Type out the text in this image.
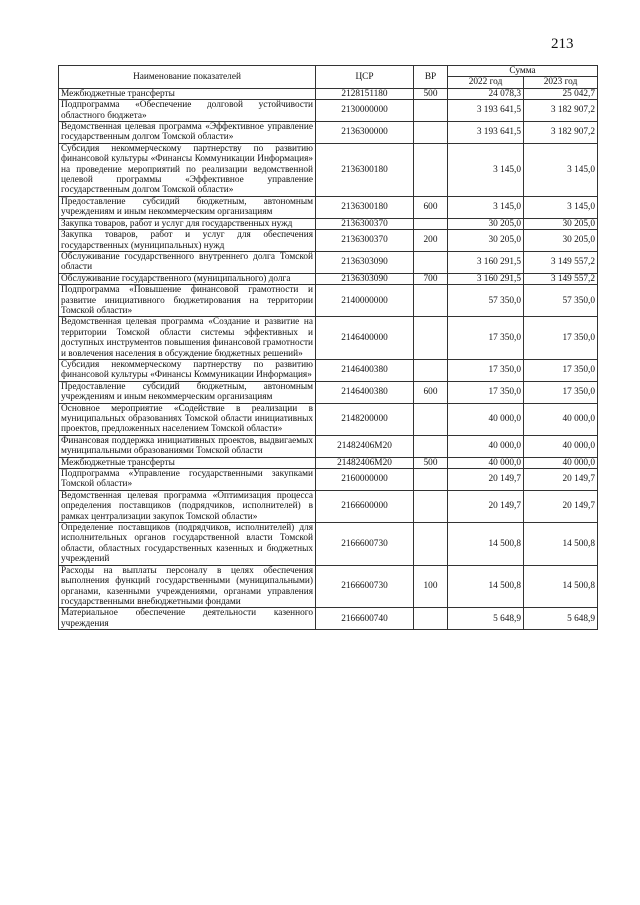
213
Наименование показателей	ЦСР	ВР	Сумма	
			2022 год	2023 год
Межбюджетные трансферты	2128151180	500	24 078,3	25 042,7
Подпрограмма «Обеспечение долговой устойчивости областного бюджета»	2130000000		3 193 641,5	3 182 907,2
Ведомственная целевая программа «Эффективное управление государственным долгом Томской области»	2136300000		3 193 641,5	3 182 907,2
Субсидия некоммерческому партнерству по развитию финансовой культуры «Финансы Коммуникации Информация» на проведение мероприятий по реализации ведомственной целевой программы «Эффективное управление государственным долгом Томской области»	2136300180		3 145,0	3 145,0
Предоставление субсидий бюджетным, автономным учреждениям и иным некоммерческим организациям	2136300180	600	3 145,0	3 145,0
Закупка товаров, работ и услуг для государственных нужд	2136300370		30 205,0	30 205,0
Закупка товаров, работ и услуг для обеспечения государственных (муниципальных) нужд	2136300370	200	30 205,0	30 205,0
Обслуживание государственного внутреннего долга Томской области	2136303090		3 160 291,5	3 149 557,2
Обслуживание государственного (муниципального) долга	2136303090	700	3 160 291,5	3 149 557,2
Подпрограмма «Повышение финансовой грамотности и развитие инициативного бюджетирования на территории Томской области»	2140000000		57 350,0	57 350,0
Ведомственная целевая программа «Создание и развитие на территории Томской области системы эффективных и доступных инструментов повышения финансовой грамотности и вовлечения населения в обсуждение бюджетных решений»	2146400000		17 350,0	17 350,0
Субсидия некоммерческому партнерству по развитию финансовой культуры «Финансы Коммуникации Информация»	2146400380		17 350,0	17 350,0
Предоставление субсидий бюджетным, автономным учреждениям и иным некоммерческим организациям	2146400380	600	17 350,0	17 350,0
Основное мероприятие «Содействие в реализации в муниципальных образованиях Томской области инициативных проектов, предложенных населением Томской области»	2148200000		40 000,0	40 000,0
Финансовая поддержка инициативных проектов, выдвигаемых муниципальными образованиями Томской области	21482406М20		40 000,0	40 000,0
Межбюджетные трансферты	21482406М20	500	40 000,0	40 000,0
Подпрограмма «Управление государственными закупками Томской области»	2160000000		20 149,7	20 149,7
Ведомственная целевая программа «Оптимизация процесса определения поставщиков (подрядчиков, исполнителей) в рамках централизации закупок Томской области»	2166600000		20 149,7	20 149,7
Определение поставщиков (подрядчиков, исполнителей) для исполнительных органов государственной власти Томской области, областных государственных казенных и бюджетных учреждений	2166600730		14 500,8	14 500,8
Расходы на выплаты персоналу в целях обеспечения выполнения функций государственными (муниципальными) органами, казенными учреждениями, органами управления государственными внебюджетными фондами	2166600730	100	14 500,8	14 500,8
Материальное обеспечение деятельности казенного учреждения	2166600740		5 648,9	5 648,9
